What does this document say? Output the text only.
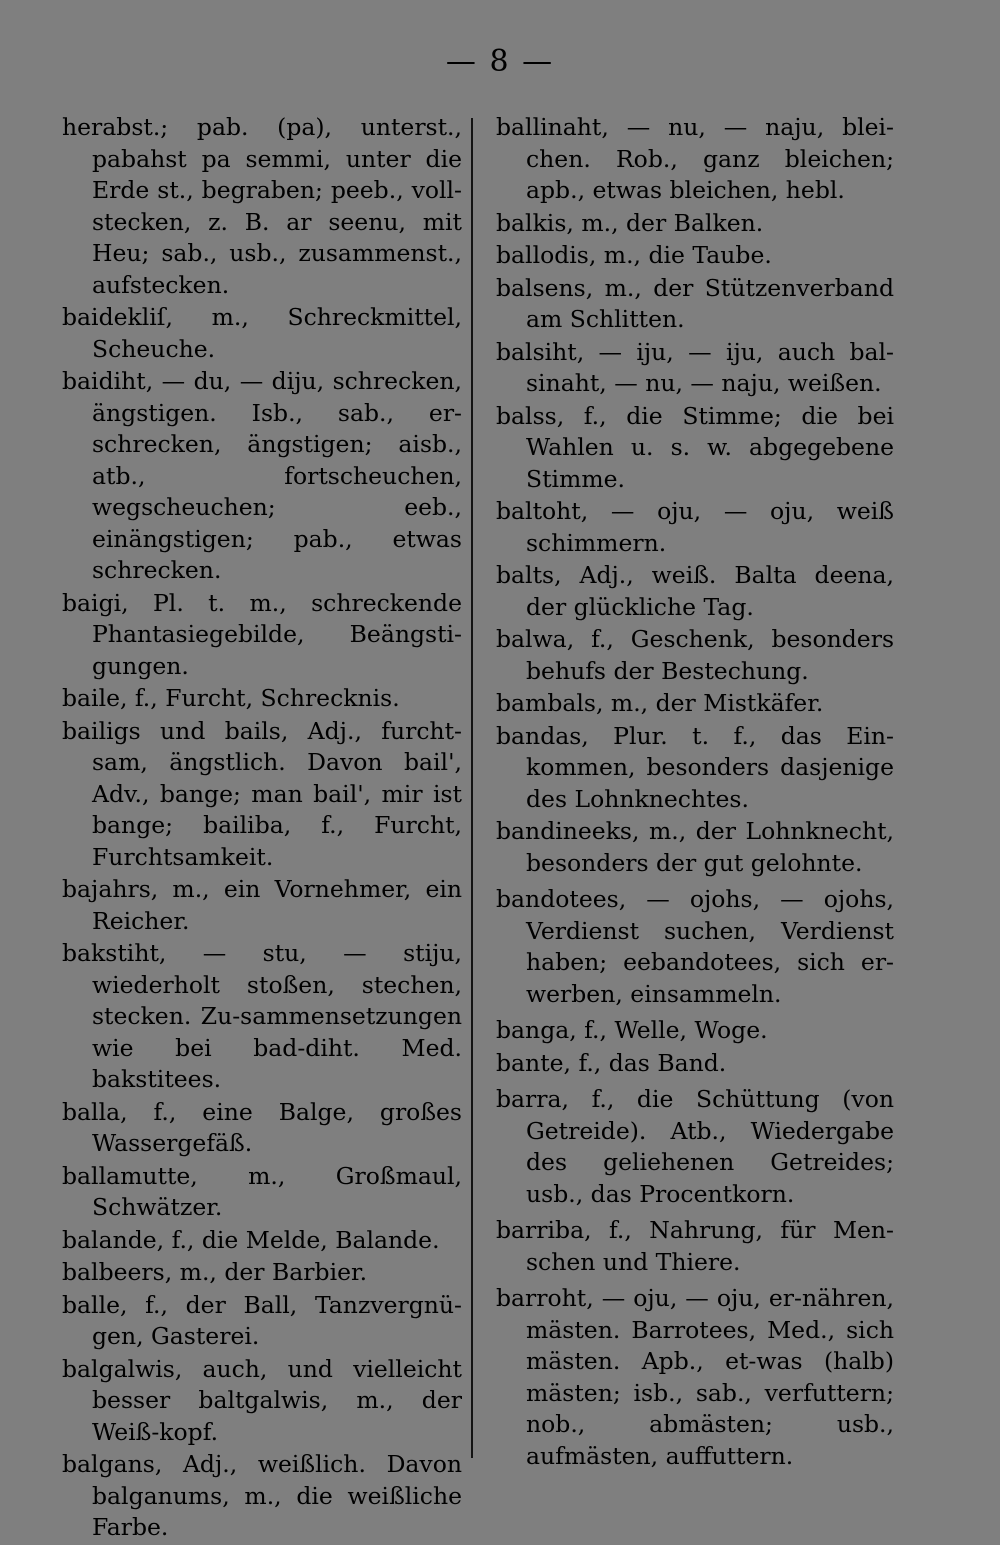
— 8 —

herabst.; pab. (pa), unterst., pabahst pa semmi, unter die Erde st., begraben; peeb., voll-stecken, z. B. ar seenu, mit Heu; sab., usb., zusammenst., aufstecken.

baidekliſ, m., Schreckmittel, Scheuche.

baidiht, — du, — diju, schrecken, ängstigen. Isb., sab., er-schrecken, ängstigen; aisb., atb., fortscheuchen, wegscheuchen; eeb., einängstigen; pab., etwas schrecken.

baigi, Pl. t. m., schreckende Phantasiegebilde, Beängsti-gungen.

baile, f., Furcht, Schrecknis.

bailigs und bails, Adj., furcht-sam, ängstlich. Davon bail', Adv., bange; man bail', mir ist bange; bailiba, f., Furcht, Furchtsamkeit.

bajahrs, m., ein Vornehmer, ein Reicher.

bakstiht, — stu, — stiju, wiederholt stoßen, stechen, stecken. Zu-sammensetzungen wie bei bad-diht. Med. bakstitees.

balla, f., eine Balge, großes Wassergefäß.

ballamutte, m., Großmaul, Schwätzer.

balande, f., die Melde, Balande.

balbeers, m., der Barbier.

balle, f., der Ball, Tanzvergnü-gen, Gasterei.

balgalwis, auch, und vielleicht besser baltgalwis, m., der Weiß-kopf.

balgans, Adj., weißlich. Davon balganums, m., die weißliche Farbe.

ballinaht, — nu, — naju, blei-chen. Rob., ganz bleichen; apb., etwas bleichen, hebl.

balkis, m., der Balken.

ballodis, m., die Taube.

balsens, m., der Stützenverband am Schlitten.

balsiht, — iju, — iju, auch bal-sinaht, — nu, — naju, weißen.

balss, f., die Stimme; die bei Wahlen u. s. w. abgegebene Stimme.

baltoht, — oju, — oju, weiß schimmern.

balts, Adj., weiß. Balta deena, der glückliche Tag.

balwa, f., Geschenk, besonders behufs der Bestechung.

bambals, m., der Mistkäfer.

bandas, Plur. t. f., das Ein-kommen, besonders dasjenige des Lohnknechtes.

bandineeks, m., der Lohnknecht, besonders der gut gelohnte.

bandotees, — ojohs, — ojohs, Verdienst suchen, Verdienst haben; eebandotees, sich er-werben, einsammeln.

banga, f., Welle, Woge.

bante, f., das Band.

barra, f., die Schüttung (von Getreide). Atb., Wiedergabe des geliehenen Getreides; usb., das Procentkorn.

barriba, f., Nahrung, für Men-schen und Thiere.

barroht, — oju, — oju, er-nähren, mästen. Barrotees, Med., sich mästen. Apb., et-was (halb) mästen; isb., sab., verfuttern; nob., abmästen; usb., aufmästen, auffuttern.
